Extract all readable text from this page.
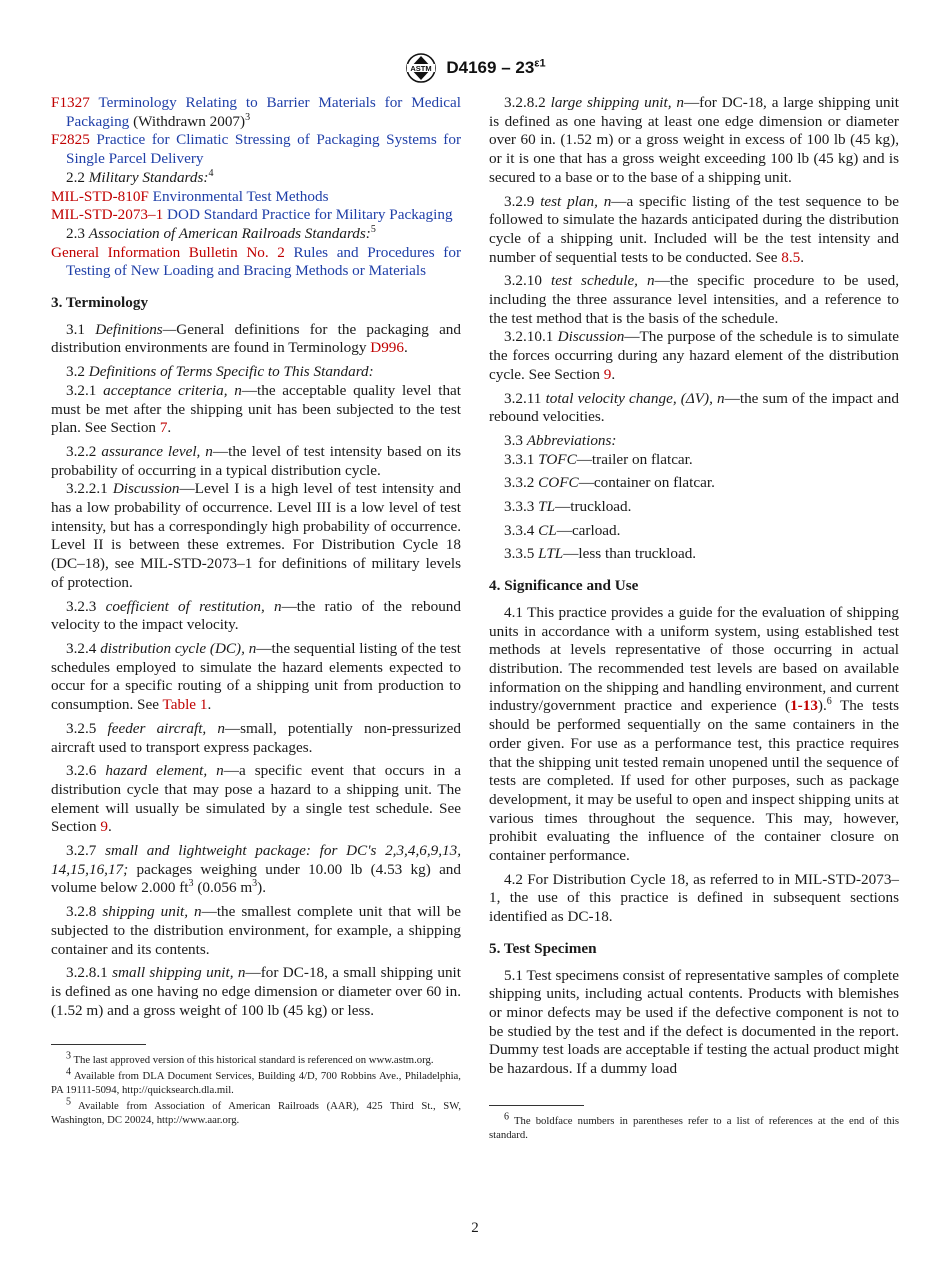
ASTM $D4169 - 23^{\varepsilon 1}$
F1327 Terminology Relating to Barrier Materials for Medical Packaging (Withdrawn 2007)$^3$
F2825 Practice for Climatic Stressing of Packaging Systems for Single Parcel Delivery

2.2 Military Standards:$^4$

MIL-STD-810F Environmental Test Methods
MIL-STD-2073–1 DOD Standard Practice for Military Packaging

2.3 Association of American Railroads Standards:$^5$

General Information Bulletin No. 2 Rules and Procedures for Testing of New Loading and Bracing Methods or Materials
3. Terminology

3.1 Definitions—General definitions for the packaging and distribution environments are found in Terminology D996.

3.2 Definitions of Terms Specific to This Standard:

3.2.1 acceptance criteria, n—the acceptable quality level that must be met after the shipping unit has been subjected to the test plan. See Section 7.

3.2.2 assurance level, n—the level of test intensity based on its probability of occurring in a typical distribution cycle.

3.2.2.1 Discussion—Level I is a high level of test intensity and has a low probability of occurrence. Level III is a low level of test intensity, but has a correspondingly high probability of occurrence. Level II is between these extremes. For Distribution Cycle 18 (DC–18), see MIL-STD-2073–1 for definitions of military levels of protection.

3.2.3 coefficient of restitution, n—the ratio of the rebound velocity to the impact velocity.

3.2.4 distribution cycle (DC), n—the sequential listing of the test schedules employed to simulate the hazard elements expected to occur for a specific routing of a shipping unit from production to consumption. See Table 1.

3.2.5 feeder aircraft, n—small, potentially non-pressurized aircraft used to transport express packages.

3.2.6 hazard element, n—a specific event that occurs in a distribution cycle that may pose a hazard to a shipping unit. The element will usually be simulated by a single test schedule. See Section 9.

3.2.7 small and lightweight package: for DC's 2,3,4,6,9,13, 14,15,16,17; packages weighing under 10.00 lb (4.53 kg) and volume below 2.000 $ft^3$ (0.056 $m^3$).

3.2.8 shipping unit, n—the smallest complete unit that will be subjected to the distribution environment, for example, a shipping container and its contents.

3.2.8.1 small shipping unit, n—for DC-18, a small shipping unit is defined as one having no edge dimension or diameter over 60 in. (1.52 m) and a gross weight of 100 lb (45 kg) or less.

$^3$ The last approved version of this historical standard is referenced on www.astm.org.
$^4$ Available from DLA Document Services, Building 4/D, 700 Robbins Ave., Philadelphia, PA 19111-5094, http://quicksearch.dla.mil.
$^5$ Available from Association of American Railroads (AAR), 425 Third St., SW, Washington, DC 20024, http://www.aar.org.

3.2.8.2 large shipping unit, n—for DC-18, a large shipping unit is defined as one having at least one edge dimension or diameter over 60 in. (1.52 m) or a gross weight in excess of 100 lb (45 kg), or it is one that has a gross weight exceeding 100 lb (45 kg) and is secured to a base or to the base of a shipping unit.

3.2.9 test plan, n—a specific listing of the test sequence to be followed to simulate the hazards anticipated during the distribution cycle of a shipping unit. Included will be the test intensity and number of sequential tests to be conducted. See 8.5.

3.2.10 test schedule, n—the specific procedure to be used, including the three assurance level intensities, and a reference to the test method that is the basis of the schedule.

3.2.10.1 Discussion—The purpose of the schedule is to simulate the forces occurring during any hazard element of the distribution cycle. See Section 9.

3.2.11 total velocity change, (ΔV), n—the sum of the impact and rebound velocities.

3.3 Abbreviations:

3.3.1 TOFC—trailer on flatcar.

3.3.2 COFC—container on flatcar.

3.3.3 TL—truckload.

3.3.4 CL—carload.

3.3.5 LTL—less than truckload.

4. Significance and Use

4.1 This practice provides a guide for the evaluation of shipping units in accordance with a uniform system, using established test methods at levels representative of those occurring in actual distribution. The recommended test levels are based on available information on the shipping and handling environment, and current industry/government practice and experience (1-13).$^6$ The tests should be performed sequentially on the same containers in the order given. For use as a performance test, this practice requires that the shipping unit tested remain unopened until the sequence of tests are completed. If used for other purposes, such as package development, it may be useful to open and inspect shipping units at various times throughout the sequence. This may, however, prohibit evaluating the influence of the container closure on container performance.

4.2 For Distribution Cycle 18, as referred to in MIL-STD-2073–1, the use of this practice is defined in subsequent sections identified as DC-18.

5. Test Specimen

5.1 Test specimens consist of representative samples of complete shipping units, including actual contents. Products with blemishes or minor defects may be used if the defective component is not to be studied by the test and if the defect is documented in the report. Dummy test loads are acceptable if testing the actual product might be hazardous. If a dummy load

$^6$ The boldface numbers in parentheses refer to a list of references at the end of this standard.
2
